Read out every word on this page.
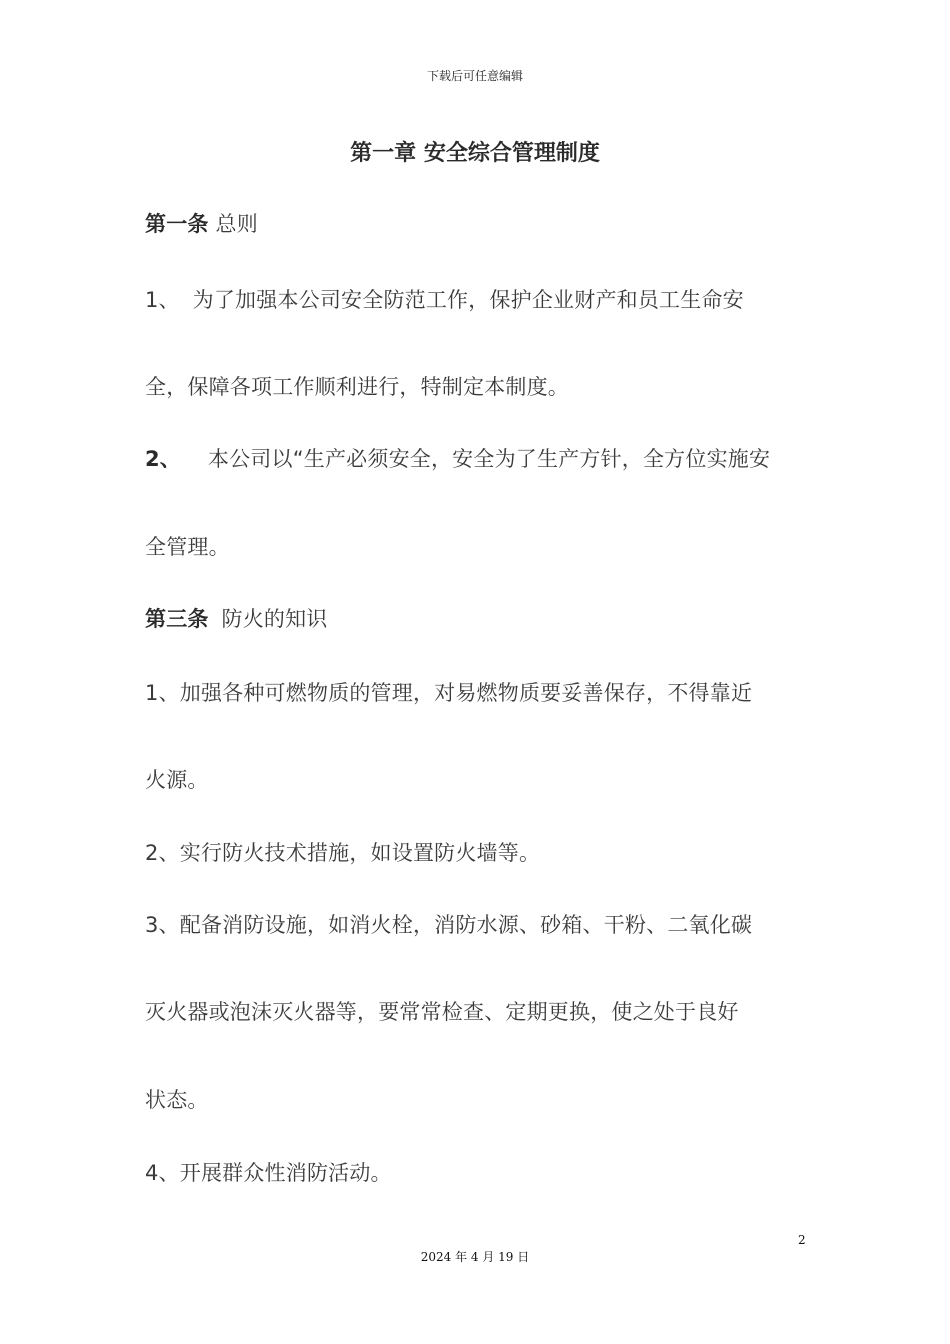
下载后可任意编辑
第一章 安全综合管理制度
第一条 总则
1、 为了加强本公司安全防范工作，保护企业财产和员工生命安
全，保障各项工作顺利进行，特制定本制度。
2、 本公司以“生产必须安全，安全为了生产方针，全方位实施安
全管理。
第三条 防火的知识
1、加强各种可燃物质的管理，对易燃物质要妥善保存，不得靠近
火源。
2、实行防火技术措施，如设置防火墙等。
3、配备消防设施，如消火栓，消防水源、砂箱、干粉、二氧化碳
灭火器或泡沫灭火器等，要常常检查、定期更换，使之处于良好
状态。
4、开展群众性消防活动。
2
2024 年 4 月 19 日
